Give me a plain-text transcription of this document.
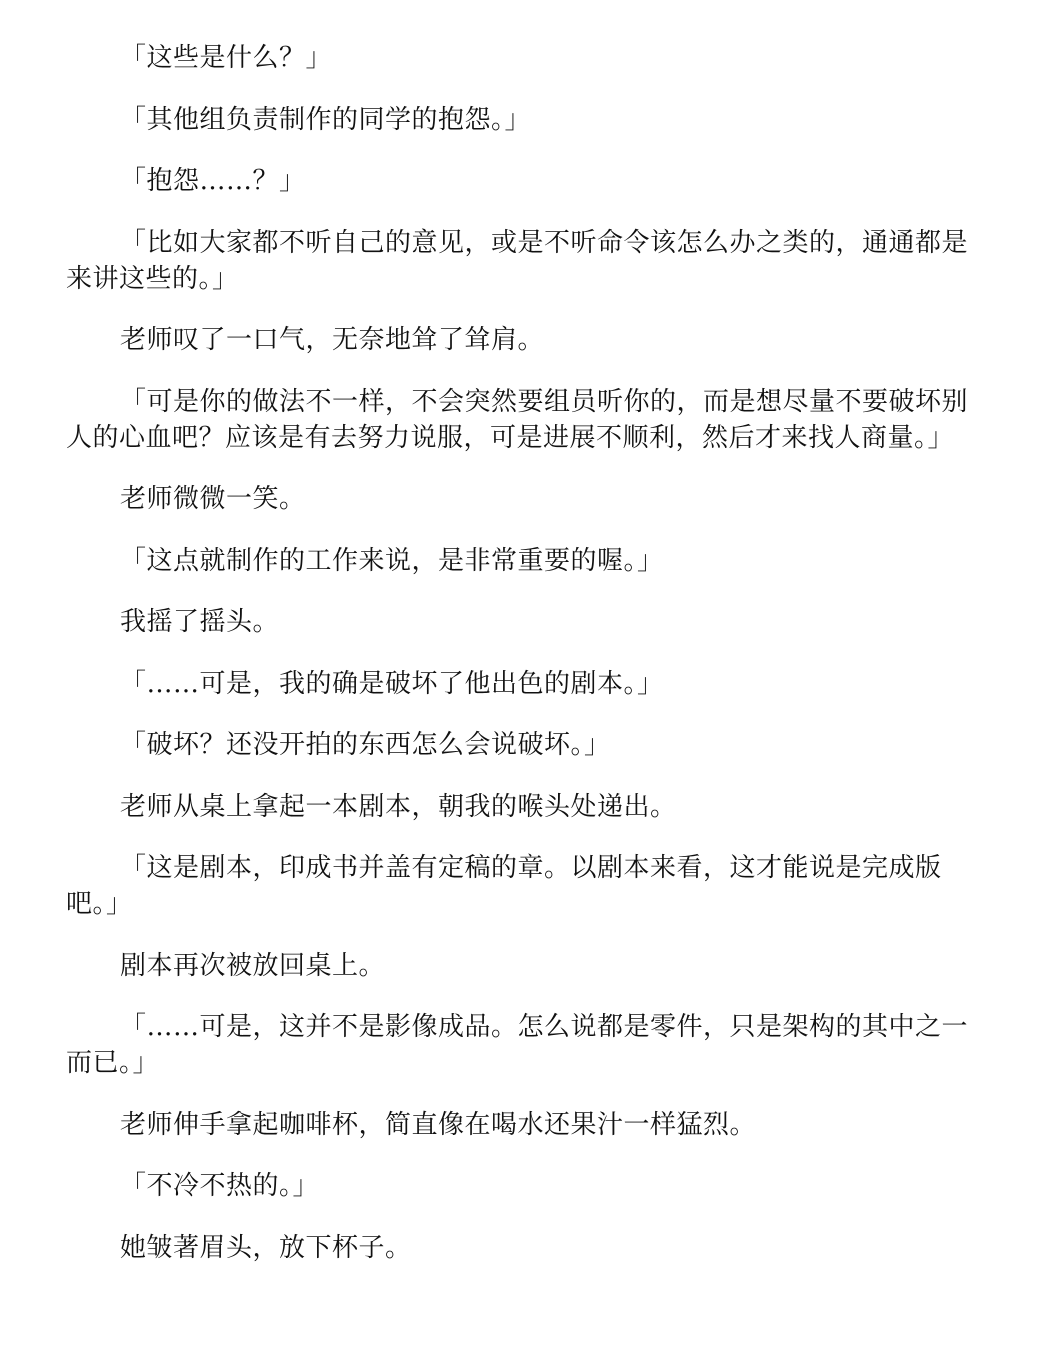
「这些是什么？」

「其他组负责制作的同学的抱怨。」

「抱怨……？」

「比如大家都不听自己的意见，或是不听命令该怎么办之类的，通通都是来讲这些的。」

老师叹了一口气，无奈地耸了耸肩。

「可是你的做法不一样，不会突然要组员听你的，而是想尽量不要破坏别人的心血吧？应该是有去努力说服，可是进展不顺利，然后才来找人商量。」

老师微微一笑。

「这点就制作的工作来说，是非常重要的喔。」

我摇了摇头。

「……可是，我的确是破坏了他出色的剧本。」

「破坏？还没开拍的东西怎么会说破坏。」

老师从桌上拿起一本剧本，朝我的喉头处递出。

「这是剧本，印成书并盖有定稿的章。以剧本来看，这才能说是完成版吧。」

剧本再次被放回桌上。

「……可是，这并不是影像成品。怎么说都是零件，只是架构的其中之一而已。」

老师伸手拿起咖啡杯，简直像在喝水还果汁一样猛烈。

「不冷不热的。」

她皱著眉头，放下杯子。
